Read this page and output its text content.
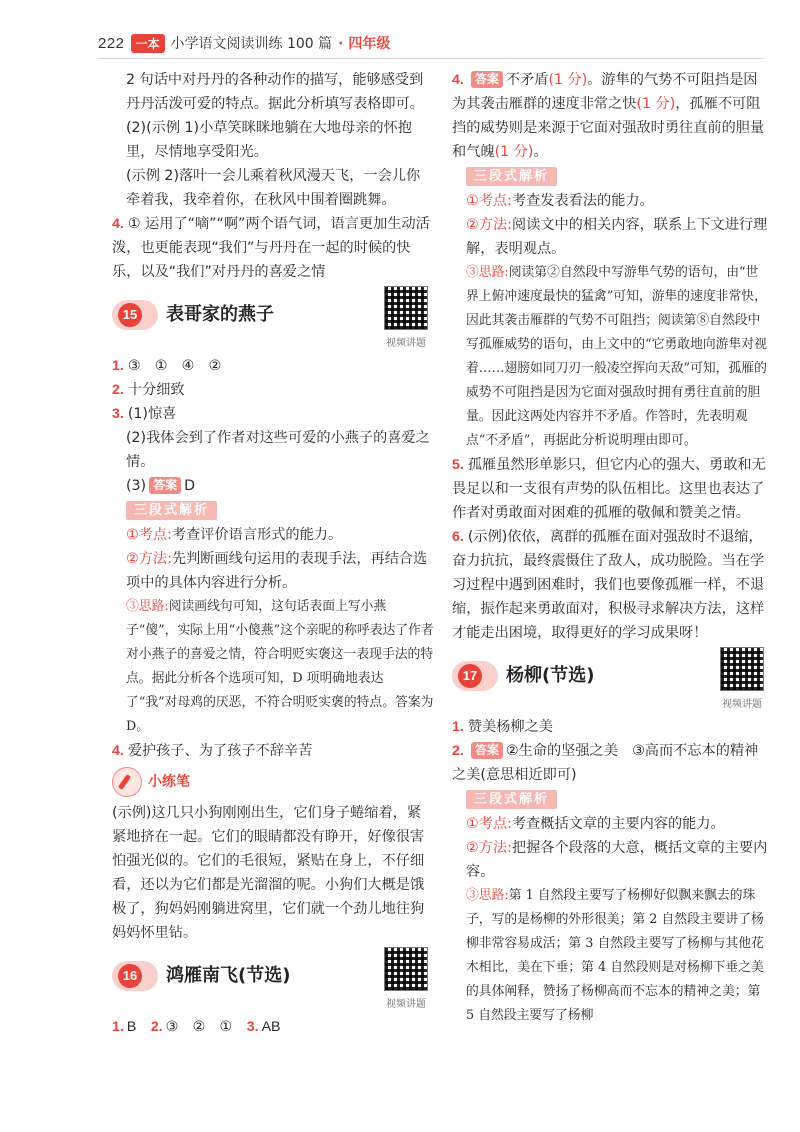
222 一本 小学语文阅读训练 100 篇 · 四年级
2 句话中对丹丹的各种动作的描写，能够感受到丹丹活泼可爱的特点。据此分析填写表格即可。
(2)(示例 1)小草笑眯眯地躺在大地母亲的怀抱里，尽情地享受阳光。
(示例 2)落叶一会儿乘着秋风漫天飞，一会儿你牵着我，我牵着你，在秋风中围着圈跳舞。
4. ① 运用了“嘀”“啊”两个语气词，语言更加生动活泼，也更能表现“我们”与丹丹在一起的时候的快乐，以及“我们”对丹丹的喜爱之情
15 表哥家的燕子
视频讲题
1. ③　①　④　②
2. 十分细致
3. (1)惊喜
(2)我体会到了作者对这些可爱的小燕子的喜爱之情。
(3) 答案 D
三段式解析
①考点:考查评价语言形式的能力。
②方法:先判断画线句运用的表现手法，再结合选项中的具体内容进行分析。
③思路:阅读画线句可知，这句话表面上写小燕子“傻”，实际上用“小傻燕”这个亲昵的称呼表达了作者对小燕子的喜爱之情，符合明贬实褒这一表现手法的特点。据此分析各个选项可知，D 项明确地表达了“我”对母鸡的厌恶，不符合明贬实褒的特点。答案为 D。
4. 爱护孩子、为了孩子不辞辛苦
小练笔
(示例)这几只小狗刚刚出生，它们身子蜷缩着，紧紧地挤在一起。它们的眼睛都没有睁开，好像很害怕强光似的。它们的毛很短，紧贴在身上，不仔细看，还以为它们都是光溜溜的呢。小狗们大概是饿极了，狗妈妈刚躺进窝里，它们就一个劲儿地往狗妈妈怀里钻。
16 鸿雁南飞(节选)
视频讲题
1. B 2. ③　②　① 3. AB
4. 答案 不矛盾(1 分)。游隼的气势不可阻挡是因为其袭击雁群的速度非常之快(1 分)，孤雁不可阻挡的威势则是来源于它面对强敌时勇往直前的胆量和气魄(1 分)。
三段式解析
①考点:考查发表看法的能力。
②方法:阅读文中的相关内容，联系上下文进行理解，表明观点。
③思路:阅读第②自然段中写游隼气势的语句，由“世界上俯冲速度最快的猛禽”可知，游隼的速度非常快，因此其袭击雁群的气势不可阻挡；阅读第⑧自然段中写孤雁威势的语句，由上文中的“它勇敢地向游隼对视着……翅膀如同刀刃一般凌空挥向天敌”可知，孤雁的威势不可阻挡是因为它面对强敌时拥有勇往直前的胆量。因此这两处内容并不矛盾。作答时，先表明观点“不矛盾”，再据此分析说明理由即可。
5. 孤雁虽然形单影只，但它内心的强大、勇敢和无畏足以和一支很有声势的队伍相比。这里也表达了作者对勇敢面对困难的孤雁的敬佩和赞美之情。
6. (示例)依依，离群的孤雁在面对强敌时不退缩，奋力抗抗，最终震慑住了敌人，成功脱险。当在学习过程中遇到困难时，我们也要像孤雁一样，不退缩，振作起来勇敢面对，积极寻求解决方法，这样才能走出困境，取得更好的学习成果呀！
17 杨柳(节选)
视频讲题
1. 赞美杨柳之美
2. 答案 ②生命的坚强之美　③高而不忘本的精神之美(意思相近即可)
三段式解析
①考点:考查概括文章的主要内容的能力。
②方法:把握各个段落的大意，概括文章的主要内容。
③思路:第 1 自然段主要写了杨柳好似飘来飘去的珠子，写的是杨柳的外形很美；第 2 自然段主要讲了杨柳非常容易成活；第 3 自然段主要写了杨柳与其他花木相比，美在下垂；第 4 自然段则是对杨柳下垂之美的具体阐释，赞扬了杨柳高而不忘本的精神之美；第 5 自然段主要写了杨柳
